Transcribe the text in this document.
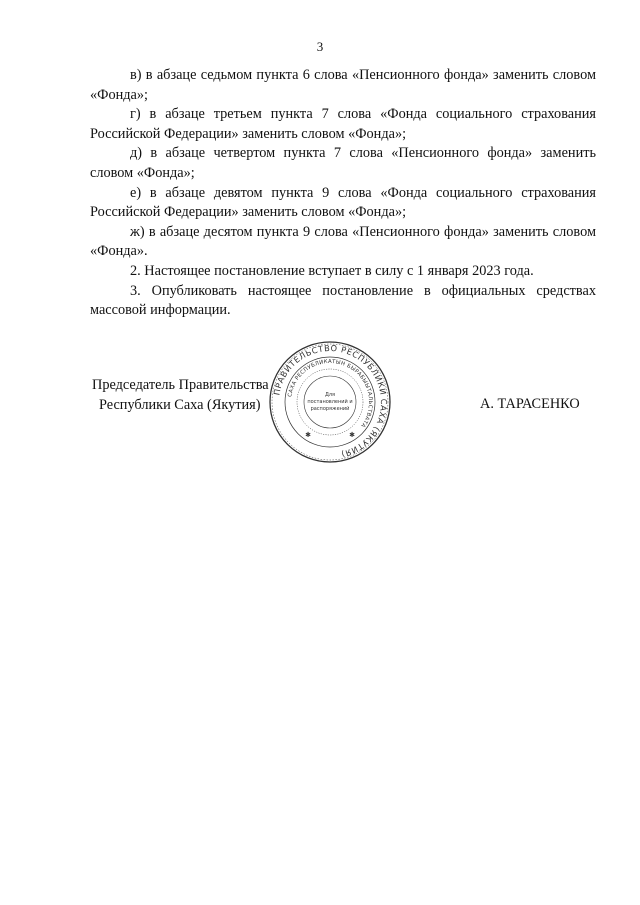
3

в) в абзаце седьмом пункта 6 слова «Пенсионного фонда» заменить словом «Фонда»;

г) в абзаце третьем пункта 7 слова «Фонда социального страхования Российской Федерации» заменить словом «Фонда»;

д) в абзаце четвертом пункта 7 слова «Пенсионного фонда» заменить словом «Фонда»;

е) в абзаце девятом пункта 9 слова «Фонда социального страхования Российской Федерации» заменить словом «Фонда»;

ж) в абзаце десятом пункта 9 слова «Пенсионного фонда» заменить словом «Фонда».

2. Настоящее постановление вступает в силу с 1 января 2023 года.

3. Опубликовать настоящее постановление в официальных средствах массовой информации.

Председатель Правительства
Республики Саха (Якутия)	А. ТАРАСЕНКО
ПРАВИТЕЛЬСТВО РЕСПУБЛИКИ САХА (ЯКУТИЯ)
САХА РЕСПУБЛИКАТЫН БЫРАБЫЫТАЛЬСТВАТА
Для
постановлений и
распоряжений
✱	✱
